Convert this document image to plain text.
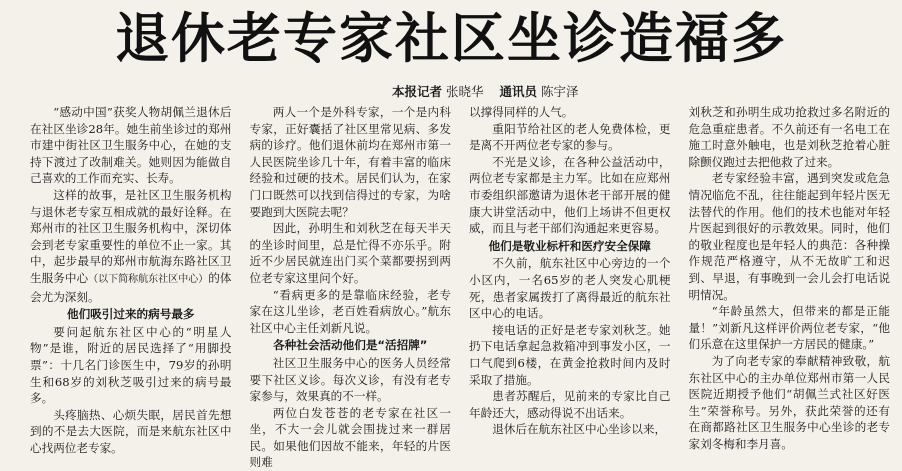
退休老专家社区坐诊造福多
本报记者 张晓华 通讯员 陈宇泽

“感动中国”获奖人物胡佩兰退休后在社区坐诊28年。她生前坐诊过的郑州市建中街社区卫生服务中心，在她的支持下渡过了改制难关。她则因为能做自己喜欢的工作而充实、长寿。

这样的故事，是社区卫生服务机构与退休老专家互相成就的最好诠释。在郑州市的社区卫生服务机构中，深切体会到老专家重要性的单位不止一家。其中，起步最早的郑州市航海东路社区卫生服务中心（以下简称航东社区中心）的体会尤为深刻。

他们吸引过来的病号最多

要问起航东社区中心的“明星人物”是谁，附近的居民选择了“用脚投票”：十几名门诊医生中，79岁的孙明生和68岁的刘秋芝吸引过来的病号最多。

头疼脑热、心烦失眠，居民首先想到的不是去大医院，而是来航东社区中心找两位老专家。

两人一个是外科专家，一个是内科专家，正好囊括了社区里常见病、多发病的诊疗。他们退休前均在郑州市第一人民医院坐诊几十年，有着丰富的临床经验和过硬的技术。居民们认为，在家门口既然可以找到信得过的专家，为啥要跑到大医院去呢？

因此，孙明生和刘秋芝在每天半天的坐诊时间里，总是忙得不亦乐乎。附近不少居民就连出门买个菜都要拐到两位老专家这里问个好。

“看病更多的是靠临床经验，老专家在这儿坐诊，老百姓看病放心。”航东社区中心主任刘新凡说。

各种社会活动他们是“活招牌”

社区卫生服务中心的医务人员经常要下社区义诊。每次义诊，有没有老专家参与，效果真的不一样。

两位白发苍苍的老专家在社区一坐，不大一会儿就会围拢过来一群居民。如果他们因故不能来，年轻的片医则难

以撑得同样的人气。

重阳节给社区的老人免费体检，更是离不开两位老专家的参与。

不光是义诊，在各种公益活动中，两位老专家都是主力军。比如在应郑州市委组织部邀请为退休老干部开展的健康大讲堂活动中，他们上场讲不但更权威，而且与老干部们沟通起来更容易。

他们是敬业标杆和医疗安全保障

不久前，航东社区中心旁边的一个小区内，一名65岁的老人突发心肌梗死，患者家属拨打了离得最近的航东社区中心的电话。

接电话的正好是老专家刘秋芝。她扔下电话拿起急救箱冲到事发小区，一口气爬到6楼，在黄金抢救时间内及时采取了措施。

患者苏醒后，见前来的专家比自己年龄还大，感动得说不出话来。

退休后在航东社区中心坐诊以来，

刘秋芝和孙明生成功抢救过多名附近的危急重症患者。不久前还有一名电工在施工时意外触电，也是刘秋芝抢着心脏除颤仪跑过去把他救了过来。

老专家经验丰富，遇到突发或危急情况临危不乱，往往能起到年轻片医无法替代的作用。他们的技术也能对年轻片医起到很好的示教效果。同时，他们的敬业程度也是年轻人的典范：各种操作规范严格遵守，从不无故旷工和迟到、早退，有事晚到一会儿会打电话说明情况。

“年龄虽然大，但带来的都是正能量！”刘新凡这样评价两位老专家，“他们乐意在这里保护一方居民的健康。”

为了向老专家的奉献精神致敬，航东社区中心的主办单位郑州市第一人民医院近期授予他们“胡佩兰式社区好医生”荣誉称号。另外，获此荣誉的还有在商都路社区卫生服务中心坐诊的老专家刘冬梅和李月喜。
